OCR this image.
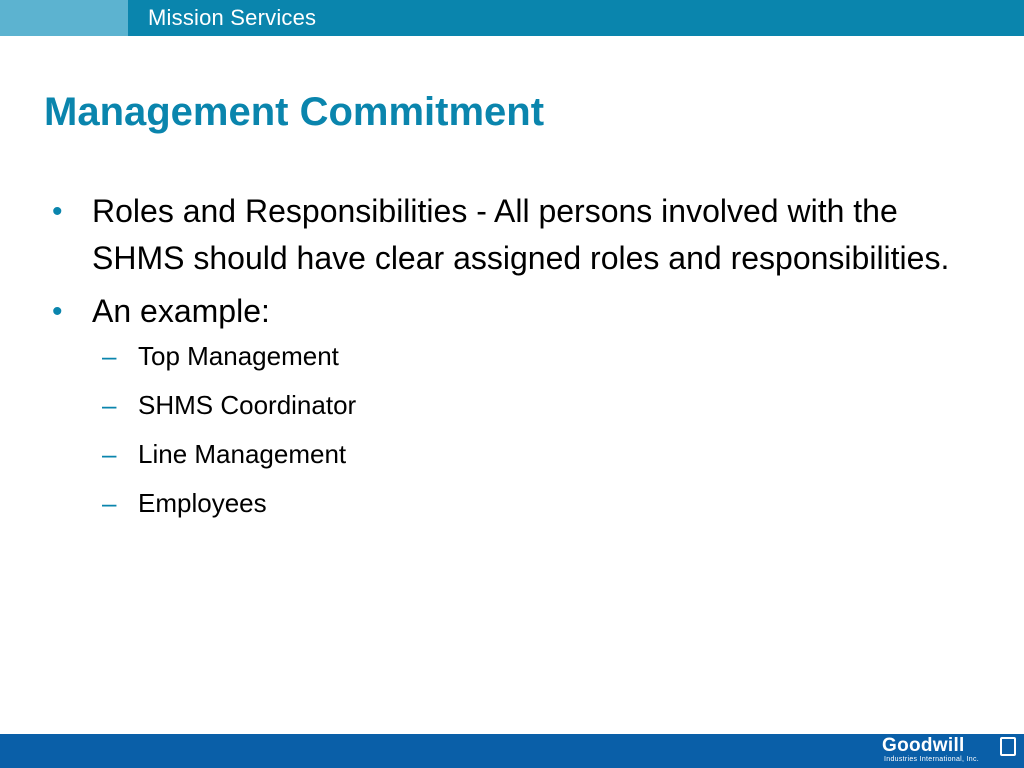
Mission Services
Management Commitment
• Roles and Responsibilities - All persons involved with the SHMS should have clear assigned roles and responsibilities.
• An example:
– Top Management
– SHMS Coordinator
– Line Management
– Employees
Goodwill
Industries International, Inc.
